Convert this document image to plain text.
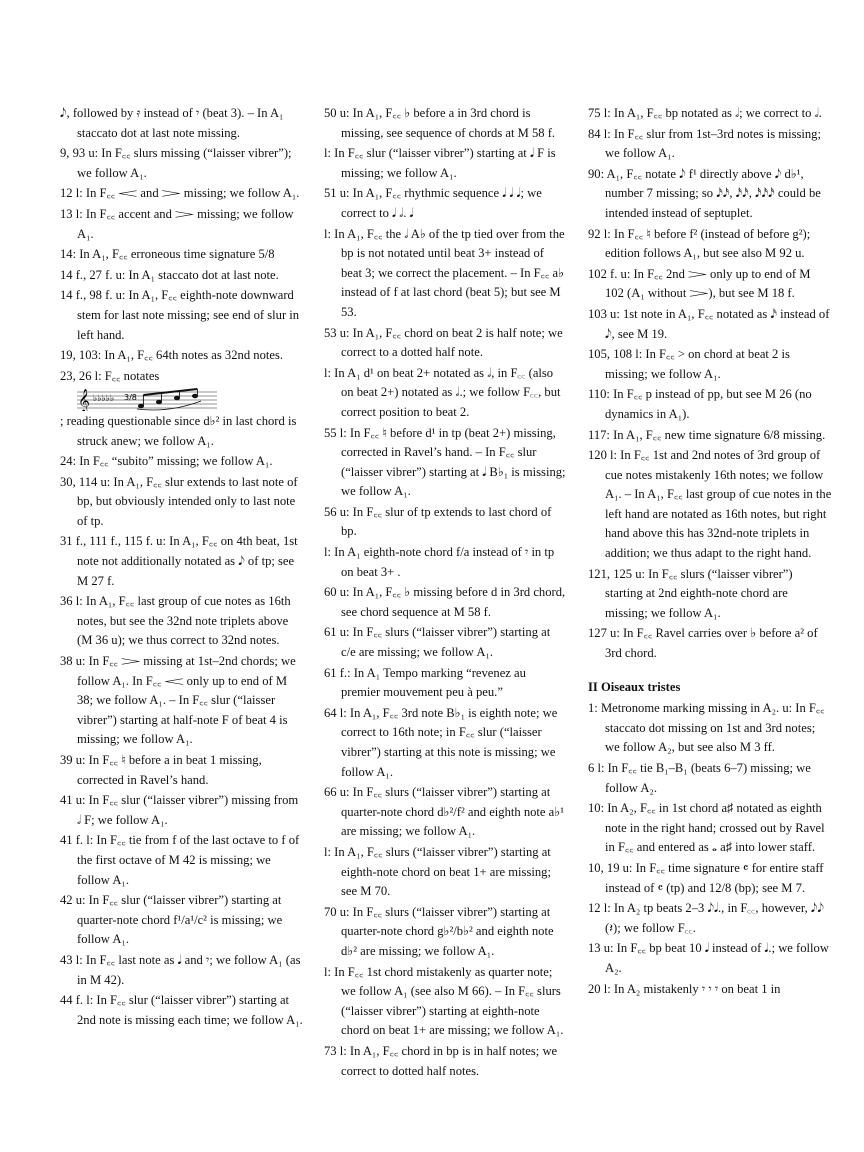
𝅘𝅥𝅮, followed by 𝄿 instead of 𝄾 (beat 3). – In A₁ staccato dot at last note missing.

9, 93 u: In F꜀꜀ slurs missing (“laisser vibrer”); we follow A₁.

12 l: In F꜀꜀ 𝆒 and 𝆓 missing; we follow A₁.

13 l: In F꜀꜀ accent and 𝆓 missing; we follow A₁.

14: In A₁, F꜀꜀ erroneous time signature 5/8

14 f., 27 f. u: In A₁ staccato dot at last note.

14 f., 98 f. u: In A₁, F꜀꜀ eighth-note downward stem for last note missing; see end of slur in left hand.

19, 103: In A₁, F꜀꜀ 64th notes as 32nd notes.

23, 26 l: F꜀꜀ notates

𝄞 ♭♭♭♭♭ 3/8

; reading questionable since d♭² in last chord is struck anew; we follow A₁.

24: In F꜀꜀ “subito” missing; we follow A₁.

30, 114 u: In A₁, F꜀꜀ slur extends to last note of bp, but obviously intended only to last note of tp.

31 f., 111 f., 115 f. u: In A₁, F꜀꜀ on 4th beat, 1st note not additionally notated as 𝅘𝅥𝅮 of tp; see M 27 f.

36 l: In A₁, F꜀꜀ last group of cue notes as 16th notes, but see the 32nd note triplets above (M 36 u); we thus correct to 32nd notes.

38 u: In F꜀꜀ 𝆓 missing at 1st–2nd chords; we follow A₁. In F꜀꜀ 𝆒 only up to end of M 38; we follow A₁. – In F꜀꜀ slur (“laisser vibrer”) starting at half-note F of beat 4 is missing; we follow A₁.

39 u: In F꜀꜀ ♮ before a in beat 1 missing, corrected in Ravel’s hand.

41 u: In F꜀꜀ slur (“laisser vibrer”) missing from 𝅗𝅥 F; we follow A₁.

41 f. l: In F꜀꜀ tie from f of the last octave to f of the first octave of M 42 is missing; we follow A₁.

42 u: In F꜀꜀ slur (“laisser vibrer”) starting at quarter-note chord f¹/a¹/c² is missing; we follow A₁.

43 l: In F꜀꜀ last note as 𝅘𝅥 and 𝄾; we follow A₁ (as in M 42).

44 f. l: In F꜀꜀ slur (“laisser vibrer”) starting at 2nd note is missing each time; we follow A₁.

50 u: In A₁, F꜀꜀ ♭ before a in 3rd chord is missing, see sequence of chords at M 58 f.

l: In F꜀꜀ slur (“laisser vibrer”) starting at 𝅘𝅥 F is missing; we follow A₁.

51 u: In A₁, F꜀꜀ rhythmic sequence 𝅘𝅥 𝅘𝅥 𝅘𝅥; we correct to 𝅘𝅥 𝅗𝅥. 𝅘𝅥

l: In A₁, F꜀꜀ the 𝅗𝅥 A♭ of the tp tied over from the bp is not notated until beat 3+ instead of beat 3; we correct the placement. – In F꜀꜀ a♭ instead of f at last chord (beat 5); but see M 53.

53 u: In A₁, F꜀꜀ chord on beat 2 is half note; we correct to a dotted half note.

l: In A₁ d¹ on beat 2+ notated as 𝅗𝅥, in F꜀꜀ (also on beat 2+) notated as 𝅗𝅥.; we follow F꜀꜀, but correct position to beat 2.

55 l: In F꜀꜀ ♮ before d¹ in tp (beat 2+) missing, corrected in Ravel’s hand. – In F꜀꜀ slur (“laisser vibrer”) starting at 𝅘𝅥 B♭₁ is missing; we follow A₁.

56 u: In F꜀꜀ slur of tp extends to last chord of bp.

l: In A₁ eighth-note chord f/a instead of 𝄾 in tp on beat 3+ .

60 u: In A₁, F꜀꜀ ♭ missing before d in 3rd chord, see chord sequence at M 58 f.

61 u: In F꜀꜀ slurs (“laisser vibrer”) starting at c/e are missing; we follow A₁.

61 f.: In A₁ Tempo marking “revenez au premier mouvement peu à peu.”

64 l: In A₁, F꜀꜀ 3rd note B♭₁ is eighth note; we correct to 16th note; in F꜀꜀ slur (“laisser vibrer”) starting at this note is missing; we follow A₁.

66 u: In F꜀꜀ slurs (“laisser vibrer”) starting at quarter-note chord d♭²/f² and eighth note a♭¹ are missing; we follow A₁.

l: In A₁, F꜀꜀ slurs (“laisser vibrer”) starting at eighth-note chord on beat 1+ are missing; see M 70.

70 u: In F꜀꜀ slurs (“laisser vibrer”) starting at quarter-note chord g♭²/b♭² and eighth note d♭² are missing; we follow A₁.

l: In F꜀꜀ 1st chord mistakenly as quarter note; we follow A₁ (see also M 66). – In F꜀꜀ slurs (“laisser vibrer”) starting at eighth-note chord on beat 1+ are missing; we follow A₁.

73 l: In A₁, F꜀꜀ chord in bp is in half notes; we correct to dotted half notes.

75 l: In A₁, F꜀꜀ bp notated as 𝅗𝅥; we correct to 𝅗𝅥.

84 l: In F꜀꜀ slur from 1st–3rd notes is missing; we follow A₁.

90: A₁, F꜀꜀ notate 𝅘𝅥𝅮 f¹ directly above 𝅘𝅥𝅮 d♭¹, number 7 missing; so 𝅘𝅥𝅯𝅘𝅥𝅯, 𝅘𝅥𝅯𝅘𝅥𝅯, 𝅘𝅥𝅯𝅘𝅥𝅯𝅘𝅥𝅯 could be intended instead of septuplet.

92 l: In F꜀꜀ ♮ before f² (instead of before g²); edition follows A₁, but see also M 92 u.

102 f. u: In F꜀꜀ 2nd 𝆓 only up to end of M 102 (A₁ without 𝆓), but see M 18 f.

103 u: 1st note in A₁, F꜀꜀ notated as 𝅘𝅥𝅯 instead of 𝅘𝅥𝅮, see M 19.

105, 108 l: In F꜀꜀ > on chord at beat 2 is missing; we follow A₁.

110: In F꜀꜀ p instead of pp, but see M 26 (no dynamics in A₁).

117: In A₁, F꜀꜀ new time signature 6/8 missing.

120 l: In F꜀꜀ 1st and 2nd notes of 3rd group of cue notes mistakenly 16th notes; we follow A₁. – In A₁, F꜀꜀ last group of cue notes in the left hand are notated as 16th notes, but right hand above this has 32nd-note triplets in addition; we thus adapt to the right hand.

121, 125 u: In F꜀꜀ slurs (“laisser vibrer”) starting at 2nd eighth-note chord are missing; we follow A₁.

127 u: In F꜀꜀ Ravel carries over ♭ before a² of 3rd chord.

II Oiseaux tristes

1: Metronome marking missing in A₂. u: In F꜀꜀ staccato dot missing on 1st and 3rd notes; we follow A₂, but see also M 3 ff.

6 l: In F꜀꜀ tie B₁–B₁ (beats 6–7) missing; we follow A₂.

10: In A₂, F꜀꜀ in 1st chord a♯ notated as eighth note in the right hand; crossed out by Ravel in F꜀꜀ and entered as 𝅝 a♯ into lower staff.

10, 19 u: In F꜀꜀ time signature 𝄴 for entire staff instead of 𝄴 (tp) and 12/8 (bp); see M 7.

12 l: In A₂ tp beats 2–3 𝅘𝅥𝅮𝅘𝅥., in F꜀꜀, however, 𝅘𝅥𝅮𝅘𝅥𝅮 (𝄽); we follow F꜀꜀.

13 u: In F꜀꜀ bp beat 10 𝅘𝅥 instead of 𝅘𝅥.; we follow A₂.

20 l: In A₂ mistakenly 𝄾 𝄾 𝄾 on beat 1 in
